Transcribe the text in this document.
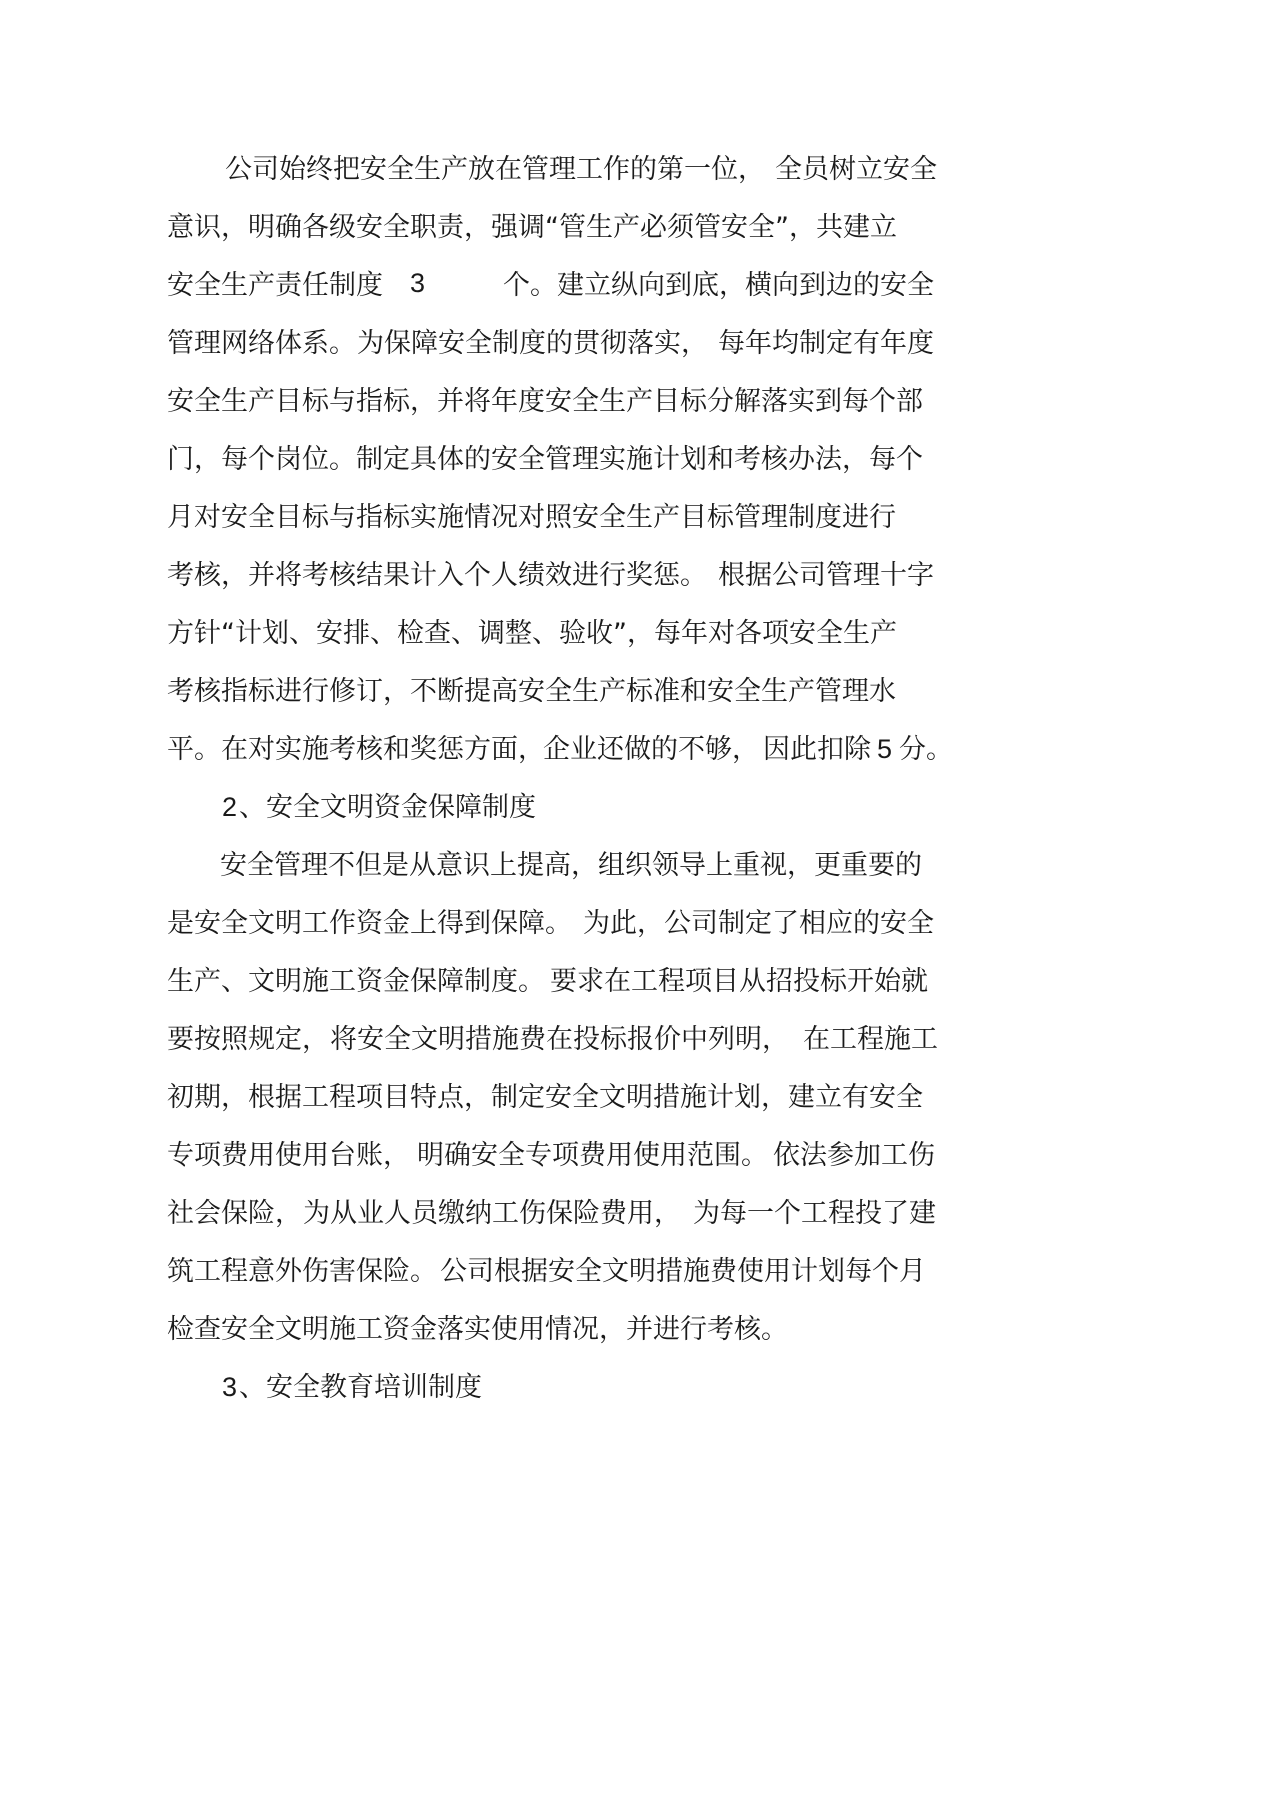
公司始终把安全生产放在管理工作的第一位，

全员树立安全

意识，明确各级安全职责，强调“管生产必须管安全”，共建立

安全生产责任制度

3

	个。建立纵向到底，

横向到边的安全

管理网络体系。

为保障安全制度的贯彻落实，

每年均制定有年度

安全生产目标与指标，

并将年度安全生产目标分解落实到每个部

门，每个岗位。制定具体的安全管理实施计划和考核办法，每个

月对安全目标与指标实施情况对照安全生产目标管理制度进行

考核，并将考核结果计入个人绩效进行奖惩。

根据公司管理十字

方针“计划、安排、检查、调整、验收”，每年对各项安全生产

考核指标进行修订，不断提高安全生产标准和安全生产管理水

平。在对实施考核和奖惩方面，

企业还做的不够，

因此扣除

5

分。

2

、安全文明资金保障制度

安全管理不但是从意识上提高，组织领导上重视，更重要的

是安全文明工作资金上得到保障。

为此，公司制定了相应的安全

生产、文明施工资金保障制度。

要求在工程项目从招投标开始就

要按照规定，

将安全文明措施费在投标报价中列明，

在工程施工

初期，根据工程项目特点，制定安全文明措施计划，建立有安全

专项费用使用台账，

明确安全专项费用使用范围。

依法参加工伤

社会保险，

为从业人员缴纳工伤保险费用，

为每一个工程投了建

筑工程意外伤害保险。

公司根据安全文明措施费使用计划每个月

检查安全文明施工资金落实使用情况，并进行考核。

3

、安全教育培训制度
